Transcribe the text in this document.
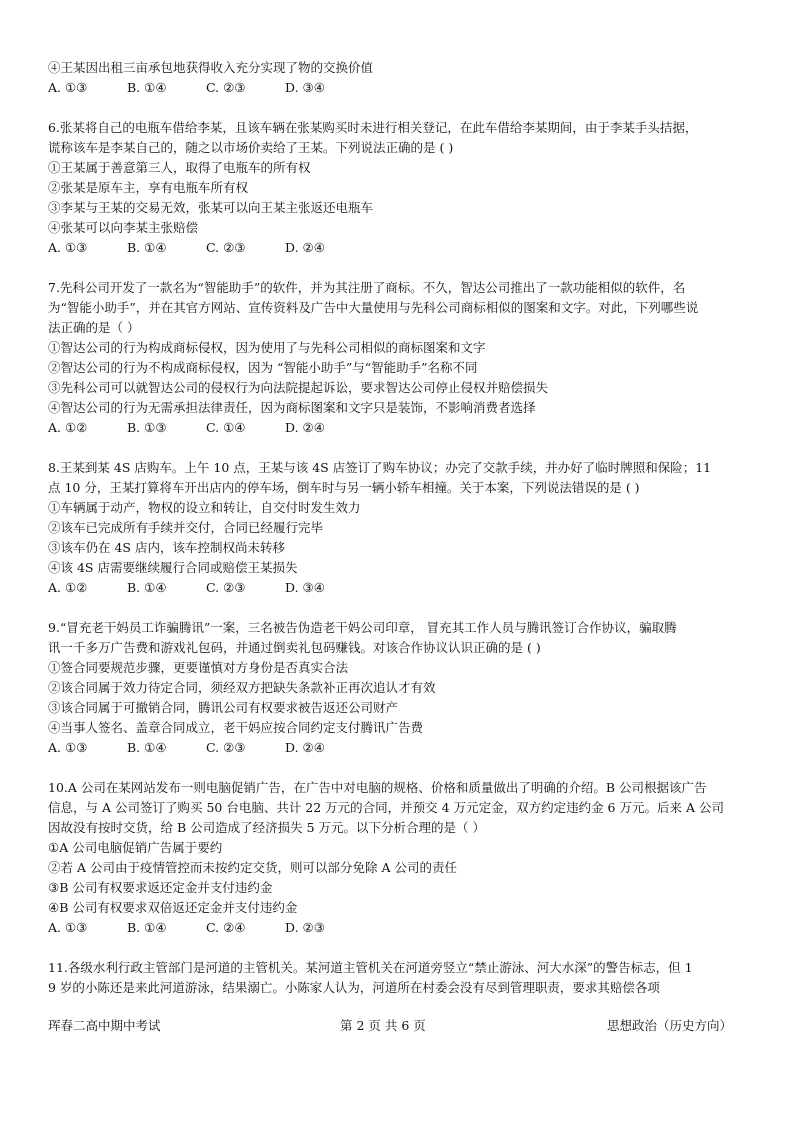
④王某因出租三亩承包地获得收入充分实现了物的交换价值
A. ①③	B. ①④	C. ②③	D. ③④
6.张某将自己的电瓶车借给李某，且该车辆在张某购买时未进行相关登记，在此车借给李某期间，由于李某手头拮据，
谎称该车是李某自己的，随之以市场价卖给了王某。下列说法正确的是 ( )
①王某属于善意第三人，取得了电瓶车的所有权
②张某是原车主，享有电瓶车所有权
③李某与王某的交易无效，张某可以向王某主张返还电瓶车
④张某可以向李某主张赔偿
A. ①③	B. ①④	C. ②③	D. ②④
7.先科公司开发了一款名为“智能助手”的软件，并为其注册了商标。不久，智达公司推出了一款功能相似的软件，名
为“智能小助手”，并在其官方网站、宣传资料及广告中大量使用与先科公司商标相似的图案和文字。对此，下列哪些说
法正确的是（ ）
①智达公司的行为构成商标侵权，因为使用了与先科公司相似的商标图案和文字
②智达公司的行为不构成商标侵权，因为 “智能小助手”与“智能助手”名称不同
③先科公司可以就智达公司的侵权行为向法院提起诉讼，要求智达公司停止侵权并赔偿损失
④智达公司的行为无需承担法律责任，因为商标图案和文字只是装饰，不影响消费者选择
A. ①②	B. ①③	C. ①④	D. ②④
8.王某到某 4S 店购车。上午 10 点，王某与该 4S 店签订了购车协议；办完了交款手续，并办好了临时牌照和保险；11
点 10 分，王某打算将车开出店内的停车场，倒车时与另一辆小轿车相撞。关于本案，下列说法错误的是 ( )
①车辆属于动产，物权的设立和转让，自交付时发生效力
②该车已完成所有手续并交付，合同已经履行完毕
③该车仍在 4S 店内，该车控制权尚未转移
④该 4S 店需要继续履行合同或赔偿王某损失
A. ①②	B. ①④	C. ②③	D. ③④
9.“冒充老干妈员工诈骗腾讯”一案，三名被告伪造老干妈公司印章， 冒充其工作人员与腾讯签订合作协议，骗取腾
讯一千多万广告费和游戏礼包码，并通过倒卖礼包码赚钱。对该合作协议认识正确的是 ( )
①签合同要规范步骤，更要谨慎对方身份是否真实合法
②该合同属于效力待定合同，须经双方把缺失条款补正再次追认才有效
③该合同属于可撤销合同，腾讯公司有权要求被告返还公司财产
④当事人签名、盖章合同成立，老干妈应按合同约定支付腾讯广告费
A. ①③	B. ①④	C. ②③	D. ②④
10.A 公司在某网站发布一则电脑促销广告，在广告中对电脑的规格、价格和质量做出了明确的介绍。B 公司根据该广告
信息，与 A 公司签订了购买 50 台电脑、共计 22 万元的合同，并预交 4 万元定金，双方约定违约金 6 万元。后来 A 公司
因故没有按时交货，给 B 公司造成了经济损失 5 万元。以下分析合理的是（ ）
①A 公司电脑促销广告属于要约
②若 A 公司由于疫情管控而未按约定交货，则可以部分免除 A 公司的责任
③B 公司有权要求返还定金并支付违约金
④B 公司有权要求双倍返还定金并支付违约金
A. ①③	B. ①④	C. ②④	D. ②③
11.各级水利行政主管部门是河道的主管机关。某河道主管机关在河道旁竖立“禁止游泳、河大水深”的警告标志，但 1
9 岁的小陈还是来此河道游泳，结果溺亡。小陈家人认为，河道所在村委会没有尽到管理职责，要求其赔偿各项
珲春二高中期中考试	第 2 页 共 6 页	思想政治（历史方向）
